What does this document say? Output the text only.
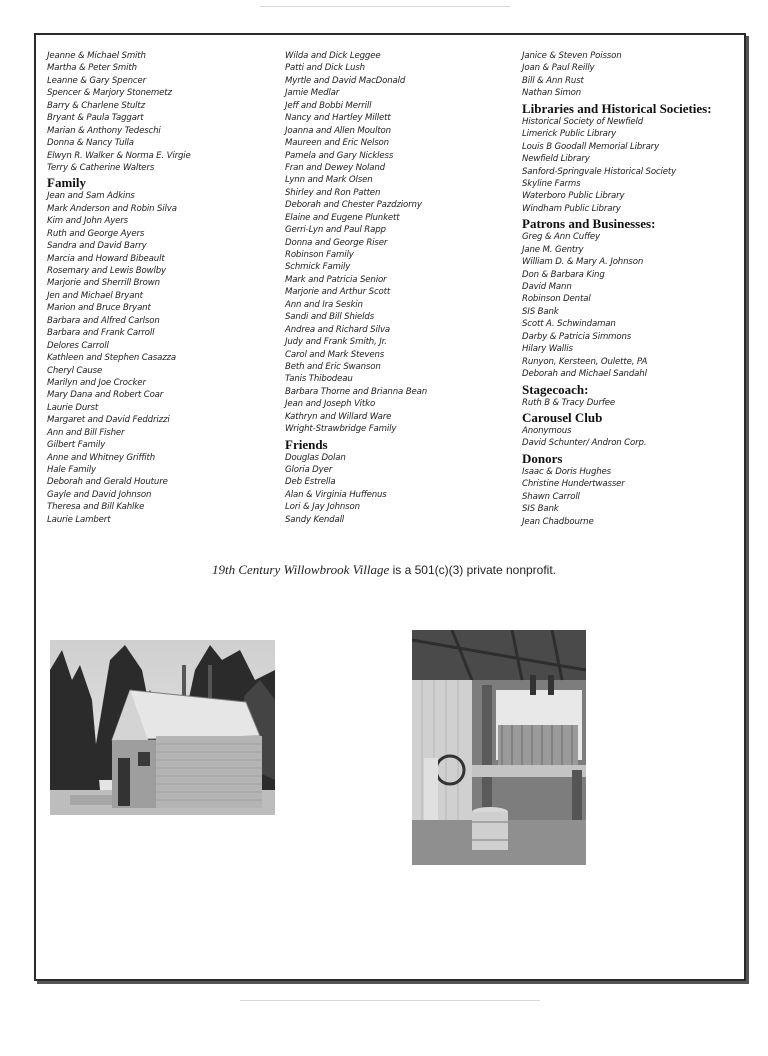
Jeanne & Michael Smith
Martha & Peter Smith
Leanne & Gary Spencer
Spencer & Marjory Stonemetz
Barry & Charlene Stultz
Bryant & Paula Taggart
Marian & Anthony Tedeschi
Donna & Nancy Tulla
Elwyn R. Walker & Norma E. Virgie
Terry & Catherine Walters
Family
Jean and Sam Adkins
Mark Anderson and Robin Silva
Kim and John Ayers
Ruth and George Ayers
Sandra and David Barry
Marcia and Howard Bibeault
Rosemary and Lewis Bowlby
Marjorie and Sherrill Brown
Jen and Michael Bryant
Marion and Bruce Bryant
Barbara and Alfred Carlson
Barbara and Frank Carroll
Delores Carroll
Kathleen and Stephen Casazza
Cheryl Cause
Marilyn and Joe Crocker
Mary Dana and Robert Coar
Laurie Durst
Margaret and David Feddrizzi
Ann and Bill Fisher
Gilbert Family
Anne and Whitney Griffith
Hale Family
Deborah and Gerald Houture
Gayle and David Johnson
Theresa and Bill Kahlke
Laurie Lambert
Wilda and Dick Leggee
Patti and Dick Lush
Myrtle and David MacDonald
Jamie Medlar
Jeff and Bobbi Merrill
Nancy and Hartley Millett
Joanna and Allen Moulton
Maureen and Eric Nelson
Pamela and Gary Nickless
Fran and Dewey Noland
Lynn and Mark Olsen
Shirley and Ron Patten
Deborah and Chester Pazdziorny
Elaine and Eugene Plunkett
Gerri-Lyn and Paul Rapp
Donna and George Riser
Robinson Family
Schmick Family
Mark and Patricia Senior
Marjorie and Arthur Scott
Ann and Ira Seskin
Sandi and Bill Shields
Andrea and Richard Silva
Judy and Frank Smith, Jr.
Carol and Mark Stevens
Beth and Eric Swanson
Tanis Thibodeau
Barbara Thorne and Brianna Bean
Jean and Joseph Vitko
Kathryn and Willard Ware
Wright-Strawbridge Family
Friends
Douglas Dolan
Gloria Dyer
Deb Estrella
Alan & Virginia Huffenus
Lori & Jay Johnson
Sandy Kendall
Janice & Steven Poisson
Joan & Paul Reilly
Bill & Ann Rust
Nathan Simon
Libraries and Historical Societies:
Historical Society of Newfield
Limerick Public Library
Louis B Goodall Memorial Library
Newfield Library
Sanford-Springvale Historical Society
Skyline Farms
Waterboro Public Library
Windham Public Library
Patrons and Businesses:
Greg & Ann Cuffey
Jane M. Gentry
William D. & Mary A. Johnson
Don & Barbara King
David Mann
Robinson Dental
SIS Bank
Scott A. Schwindaman
Darby & Patricia Simmons
Hilary Wallis
Runyon, Kersteen, Oulette, PA
Deborah and Michael Sandahl
Stagecoach:
Ruth B & Tracy Durfee
Carousel Club
Anonymous
David Schunter/ Andron Corp.
Donors
Isaac & Doris Hughes
Christine Hundertwasser
Shawn Carroll
SIS Bank
Jean Chadbourne
19th Century Willowbrook Village is a 501(c)(3) private nonprofit.
